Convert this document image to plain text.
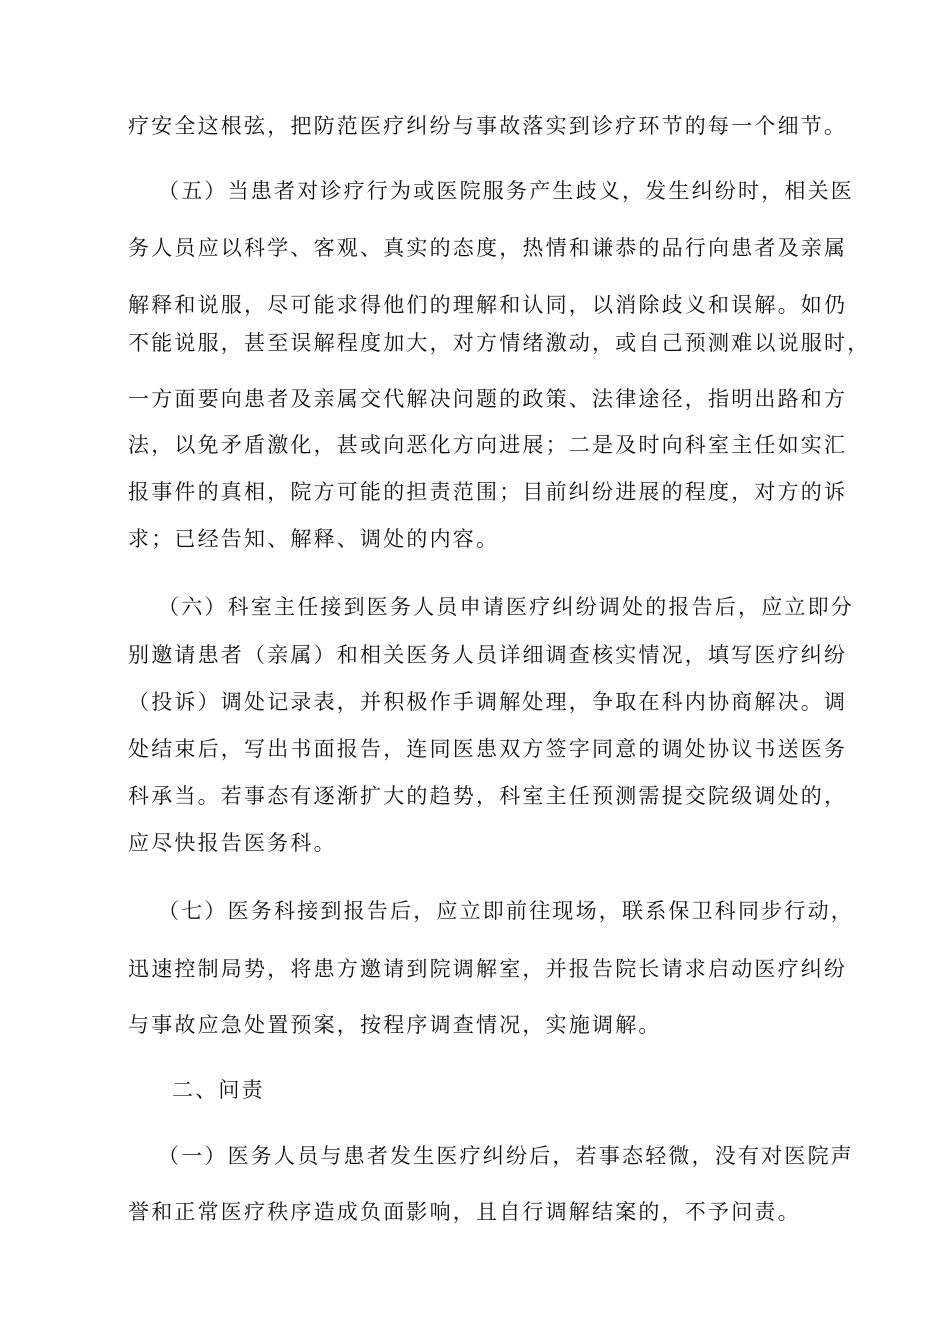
疗安全这根弦，把防范医疗纠纷与事故落实到诊疗环节的每一个细节。
（五）当患者对诊疗行为或医院服务产生歧义，发生纠纷时，相关医
务人员应以科学、客观、真实的态度，热情和谦恭的品行向患者及亲属
解释和说服，尽可能求得他们的理解和认同，以消除歧义和误解。如仍
不能说服，甚至误解程度加大，对方情绪激动，或自己预测难以说服时，
一方面要向患者及亲属交代解决问题的政策、法律途径，指明出路和方
法，以免矛盾激化，甚或向恶化方向进展；二是及时向科室主任如实汇
报事件的真相，院方可能的担责范围；目前纠纷进展的程度，对方的诉
求；已经告知、解释、调处的内容。
（六）科室主任接到医务人员申请医疗纠纷调处的报告后，应立即分
别邀请患者（亲属）和相关医务人员详细调查核实情况，填写医疗纠纷
（投诉）调处记录表，并积极作手调解处理，争取在科内协商解决。调
处结束后，写出书面报告，连同医患双方签字同意的调处协议书送医务
科承当。若事态有逐渐扩大的趋势，科室主任预测需提交院级调处的，
应尽快报告医务科。
（七）医务科接到报告后，应立即前往现场，联系保卫科同步行动，
迅速控制局势，将患方邀请到院调解室，并报告院长请求启动医疗纠纷
与事故应急处置预案，按程序调查情况，实施调解。
二、问责
（一）医务人员与患者发生医疗纠纷后，若事态轻微，没有对医院声
誉和正常医疗秩序造成负面影响，且自行调解结案的，不予问责。
